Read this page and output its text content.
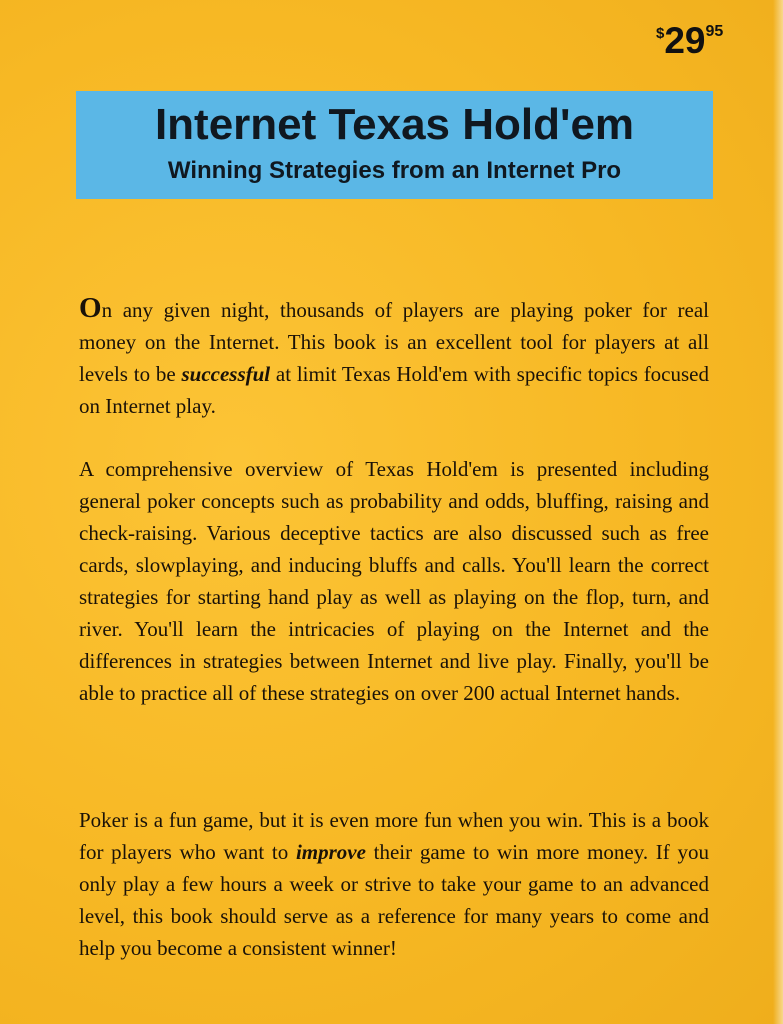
$2995
Internet Texas Hold'em
Winning Strategies from an Internet Pro
On any given night, thousands of players are playing poker for real money on the Internet. This book is an excellent tool for players at all levels to be successful at limit Texas Hold'em with specific topics focused on Internet play.
A comprehensive overview of Texas Hold'em is presented including general poker concepts such as probability and odds, bluffing, raising and check-raising. Various deceptive tactics are also discussed such as free cards, slowplaying, and inducing bluffs and calls. You'll learn the correct strategies for starting hand play as well as playing on the flop, turn, and river. You'll learn the intricacies of playing on the Internet and the differences in strategies between Internet and live play. Finally, you'll be able to practice all of these strategies on over 200 actual Internet hands.
Poker is a fun game, but it is even more fun when you win. This is a book for players who want to improve their game to win more money. If you only play a few hours a week or strive to take your game to an advanced level, this book should serve as a reference for many years to come and help you become a consistent winner!
